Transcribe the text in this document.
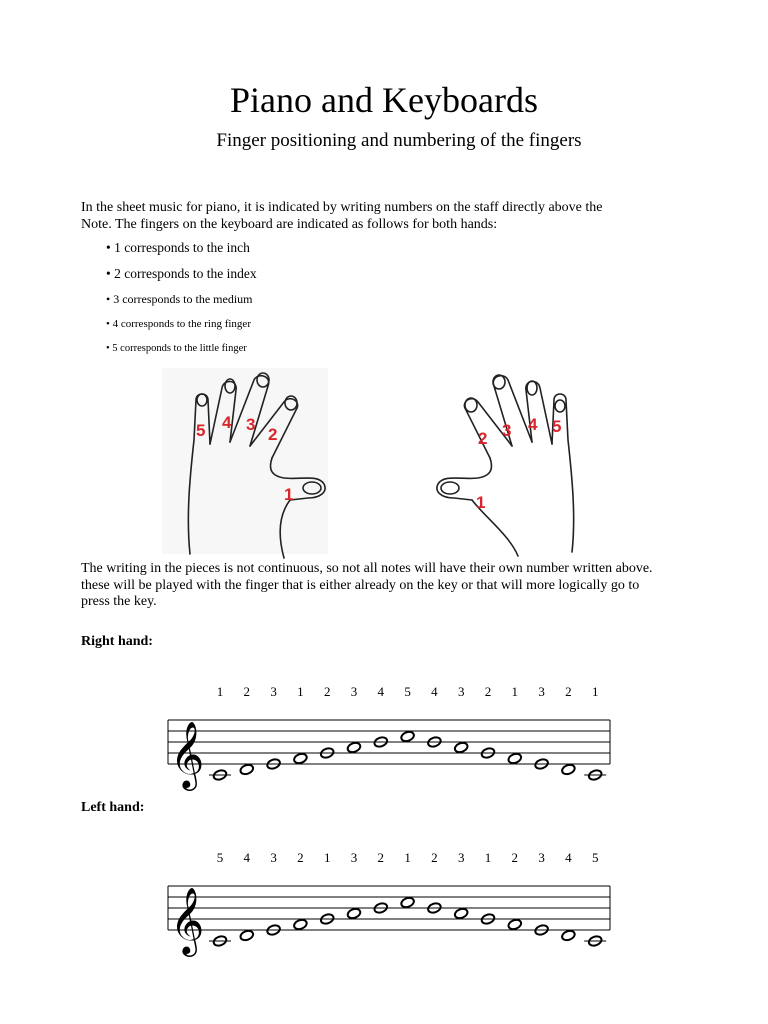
Piano and Keyboards
Finger positioning and numbering of the fingers
In the sheet music for piano, it is indicated by writing numbers on the staff directly above the
Note. The fingers on the keyboard are indicated as follows for both hands:
• 1 corresponds to the inch
• 2 corresponds to the index
• 3 corresponds to the medium
• 4 corresponds to the ring finger
• 5 corresponds to the little finger
5 4 3
2
1
2 3 4 5
1
The writing in the pieces is not continuous, so not all notes will have their own number written above.
these will be played with the finger that is either already on the key or that will more logically go to
press the key.
Right hand:
1 2 3 1 2 3 4 5 4 3 2 1 3 2 1
𝄞
Left hand:
5 4 3 2 1 3 2 1 2 3 1 2 3 4 5
𝄞
